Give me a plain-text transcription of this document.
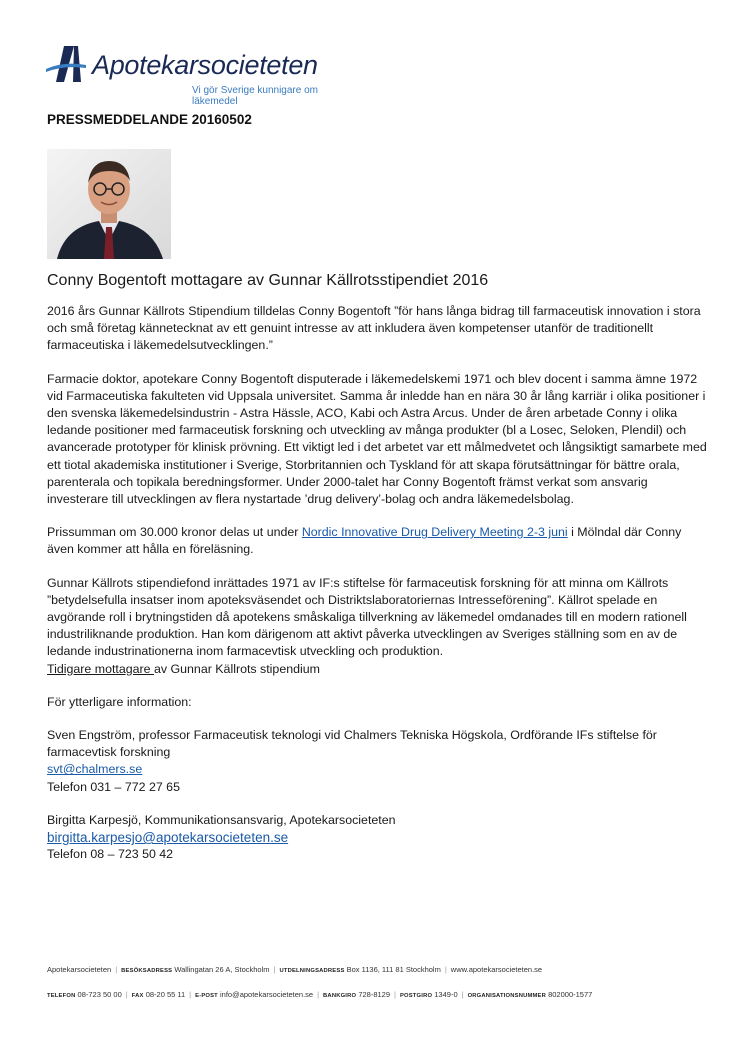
Apotekarsocieteten
Vi gör Sverige kunnigare om läkemedel
PRESSMEDDELANDE 20160502
Conny Bogentoft mottagare av Gunnar Källrotsstipendiet 2016

2016 års Gunnar Källrots Stipendium tilldelas Conny Bogentoft ”för hans långa bidrag till farmaceutisk innovation i stora och små företag kännetecknat av ett genuint intresse av att inkludera även kompetenser utanför de traditionellt farmaceutiska i läkemedelsutvecklingen.”

Farmacie doktor, apotekare Conny Bogentoft disputerade i läkemedelskemi 1971 och blev docent i samma ämne 1972 vid Farmaceutiska fakulteten vid Uppsala universitet. Samma år inledde han en nära 30 år lång karriär i olika positioner i den svenska läkemedelsindustrin - Astra Hässle, ACO, Kabi och Astra Arcus. Under de åren arbetade Conny i olika ledande positioner med farmaceutisk forskning och utveckling av många produkter (bl a Losec, Seloken, Plendil) och avancerade prototyper för klinisk prövning. Ett viktigt led i det arbetet var ett målmedvetet och långsiktigt samarbete med ett tiotal akademiska institutioner i Sverige, Storbritannien och Tyskland för att skapa förutsättningar för bättre orala, parenterala och topikala beredningsformer. Under 2000-talet har Conny Bogentoft främst verkat som ansvarig investerare till utvecklingen av flera nystartade ’drug delivery’-bolag och andra läkemedelsbolag.

Prissumman om 30.000 kronor delas ut under Nordic Innovative Drug Delivery Meeting 2-3 juni i Mölndal där Conny även kommer att hålla en föreläsning.

Gunnar Källrots stipendiefond inrättades 1971 av IF:s stiftelse för farmaceutisk forskning för att minna om Källrots ”betydelsefulla insatser inom apoteksväsendet och Distriktslaboratoriernas Intresseförening”. Källrot spelade en avgörande roll i brytningstiden då apotekens småskaliga tillverkning av läkemedel omdanades till en modern rationell industriliknande produktion. Han kom därigenom att aktivt påverka utvecklingen av Sveriges ställning som en av de ledande industrinationerna inom farmacevtisk utveckling och produktion.

Tidigare mottagare av Gunnar Källrots stipendium

För ytterligare information:

Sven Engström, professor Farmaceutisk teknologi vid Chalmers Tekniska Högskola, Ordförande IFs stiftelse för farmacevtisk forskning
svt@chalmers.se
Telefon 031 – 772 27 65
Birgitta Karpesjö, Kommunikationsansvarig, Apotekarsocieteten
birgitta.karpesjo@apotekarsocieteten.se
Telefon 08 – 723 50 42
Apotekarsocieteten | BESÖKSADRESS Wallingatan 26 A, Stockholm | UTDELNINGSADRESS Box 1136, 111 81 Stockholm | www.apotekarsocieteten.se
TELEFON 08-723 50 00 | FAX 08-20 55 11 | E-POST info@apotekarsocieteten.se | BANKGIRO 728-8129 | POSTGIRO 1349-0 | ORGANISATIONSNUMMER 802000-1577
